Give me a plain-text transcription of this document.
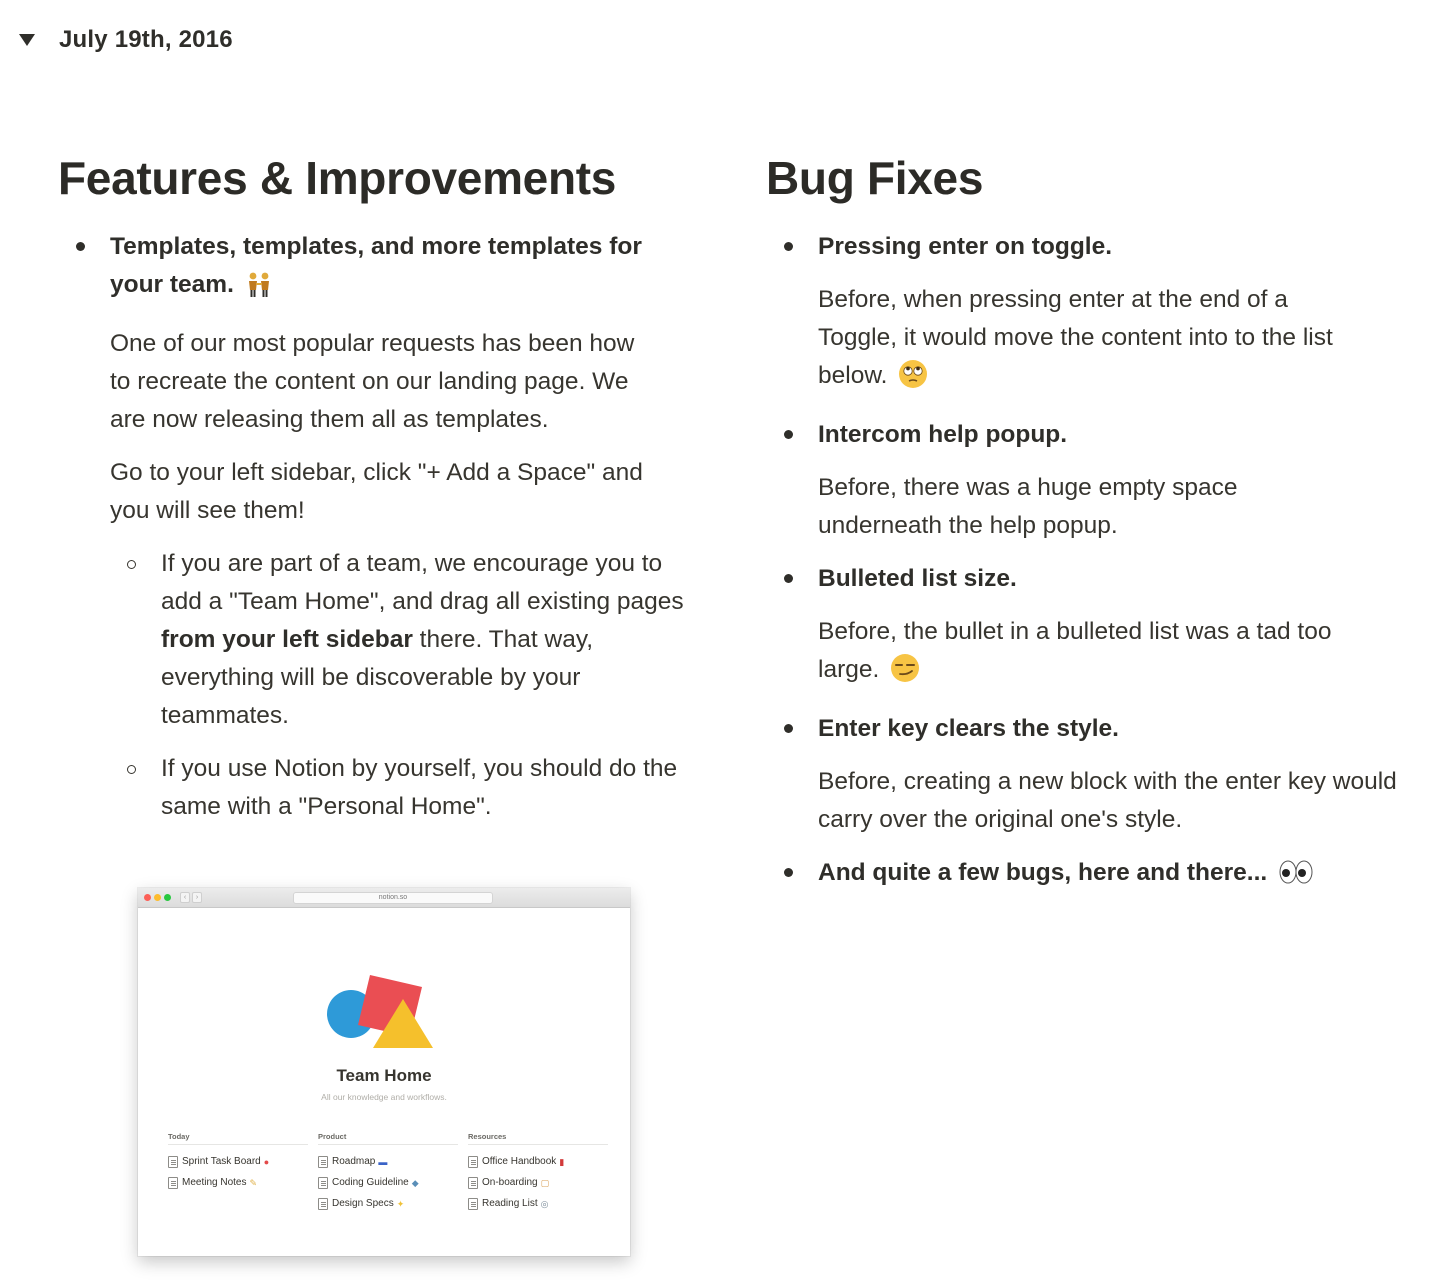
July 19th, 2016
Features & Improvements
Templates, templates, and more templates for
your team.

One of our most popular requests has been how to recreate the content on our landing page. We are now releasing them all as templates.

Go to your left sidebar, click "+ Add a Space" and you will see them!

If you are part of a team, we encourage you to add a "Team Home", and drag all existing pages from your left sidebar there. That way, everything will be discoverable by your teammates.
If you use Notion by yourself, you should do the same with a "Personal Home".
‹	›	notion.so
Team Home
All our knowledge and workflows.
Today
Sprint Task Board ●
Meeting Notes ✎
Product
Roadmap ▬
Coding Guideline ◆
Design Specs ✦
Resources
Office Handbook ▮
On-boarding ▢
Reading List ◎
Bug Fixes
Pressing enter on toggle.

Before, when pressing enter at the end of a Toggle, it would move the content into to the list below.

Intercom help popup.

Before, there was a huge empty space underneath the help popup.

Bulleted list size.

Before, the bullet in a bulleted list was a tad too large.

Enter key clears the style.

Before, creating a new block with the enter key would carry over the original one's style.

And quite a few bugs, here and there...
